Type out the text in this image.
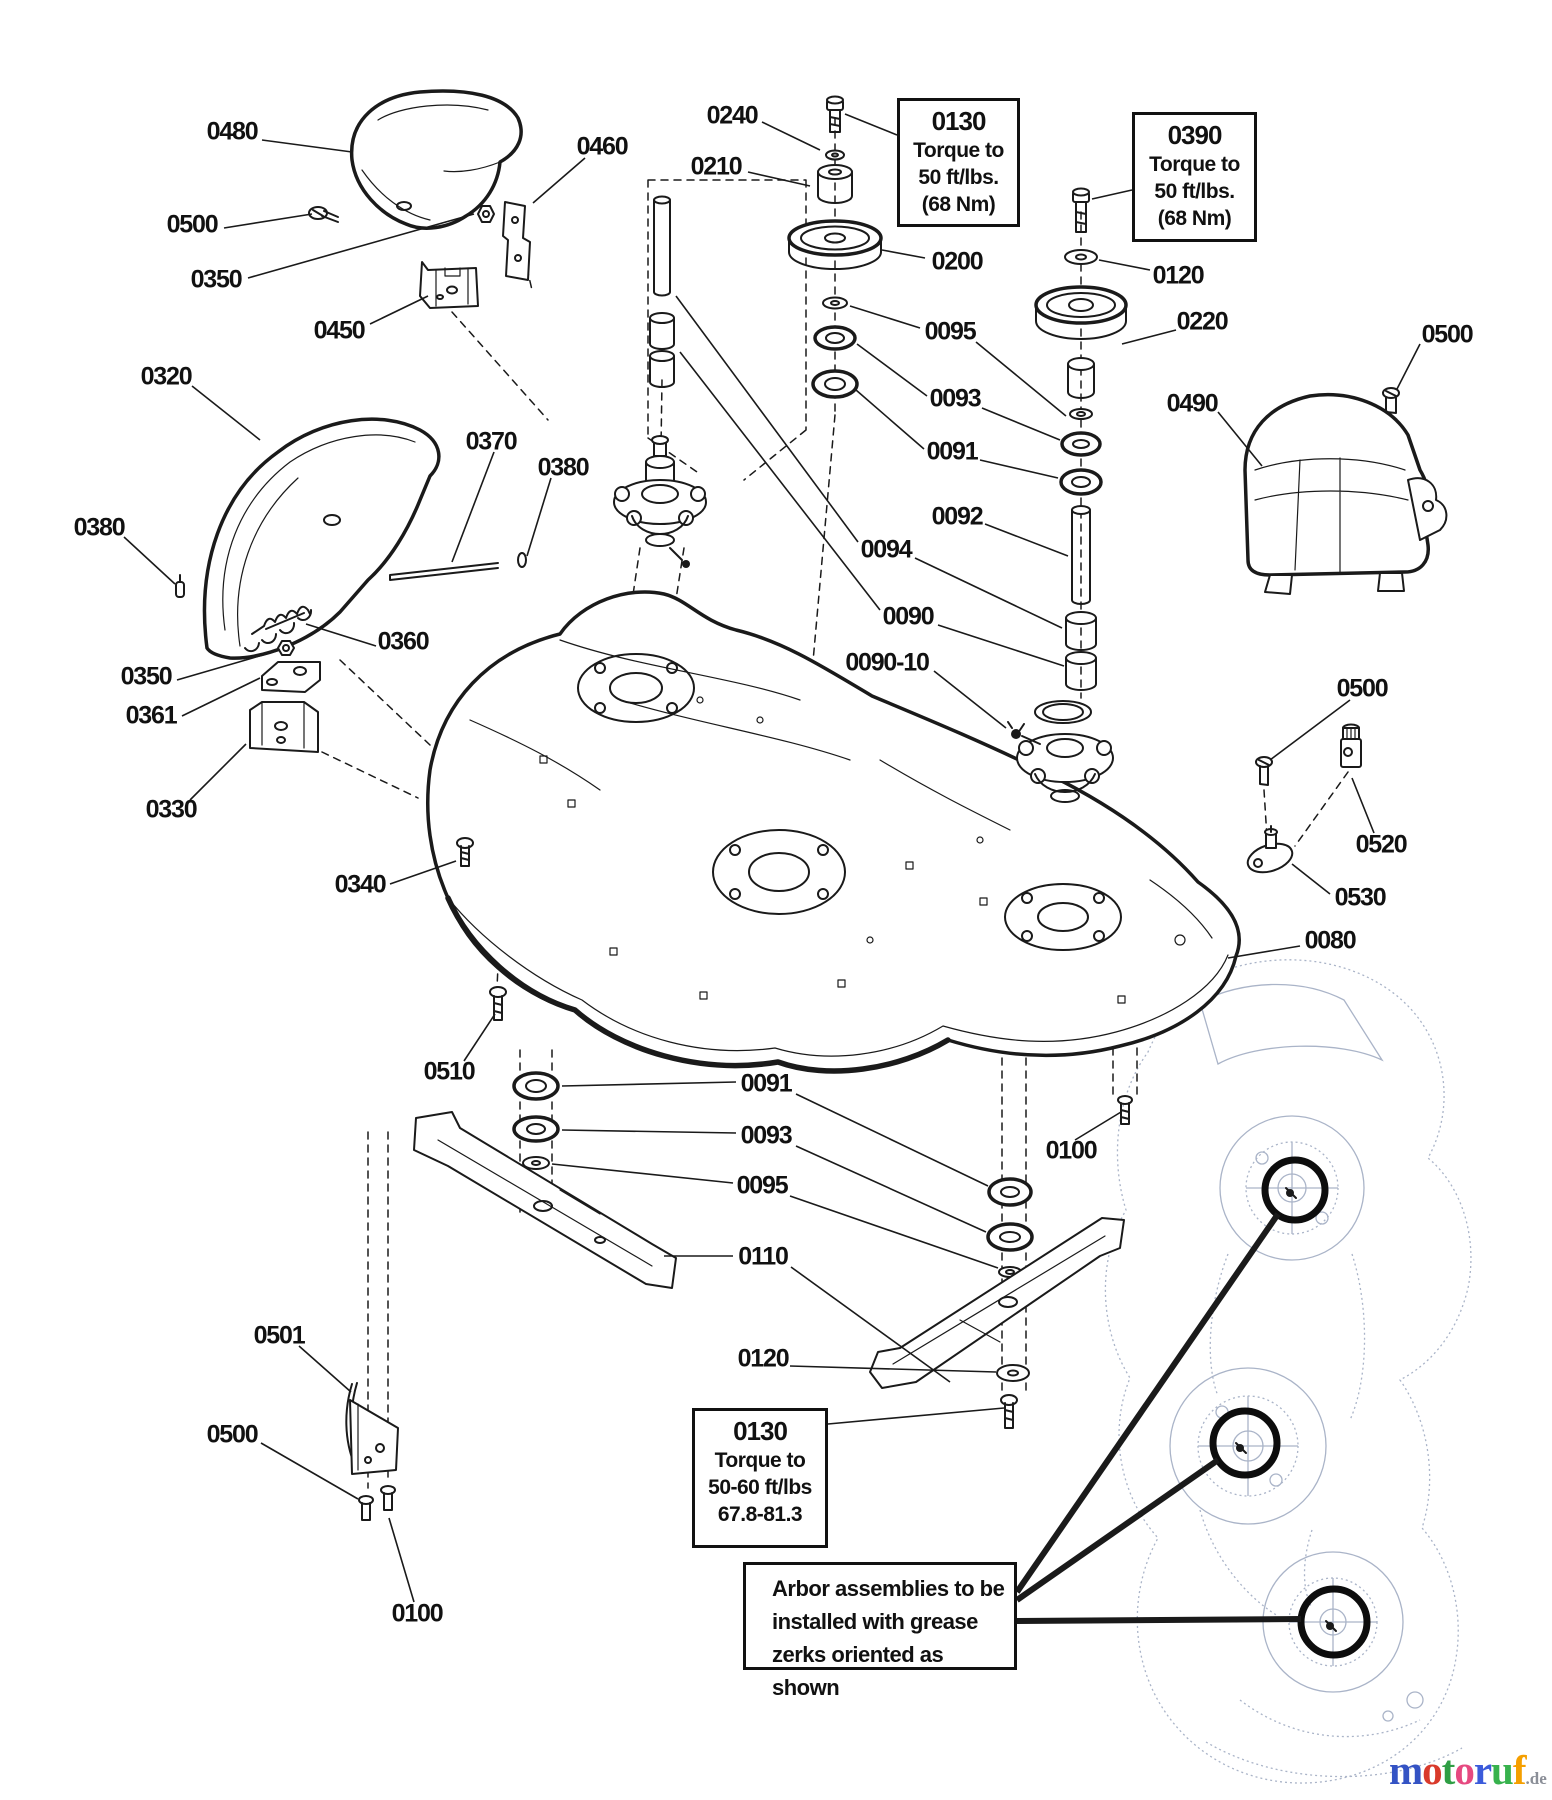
0480
0500
0350
0450
0460
0240
0210
0200
0095
0093
0091
0092
0094
0090
0090-10
0120
0220	0500
0490
0320
0370
0380
0380
0360
0350
0361
0330
0340
0500
0520
0530
0080
0510	0091
0093
0095
0110
0120
0100
0501
0500
0100
0130
Torque to
50 ft/lbs.
(68 Nm)
0390
Torque to
50 ft/lbs.
(68 Nm)
0130
Torque to
50-60 ft/lbs
67.8-81.3
Arbor assemblies to be
installed with grease
zerks oriented as shown
motoruf.de
